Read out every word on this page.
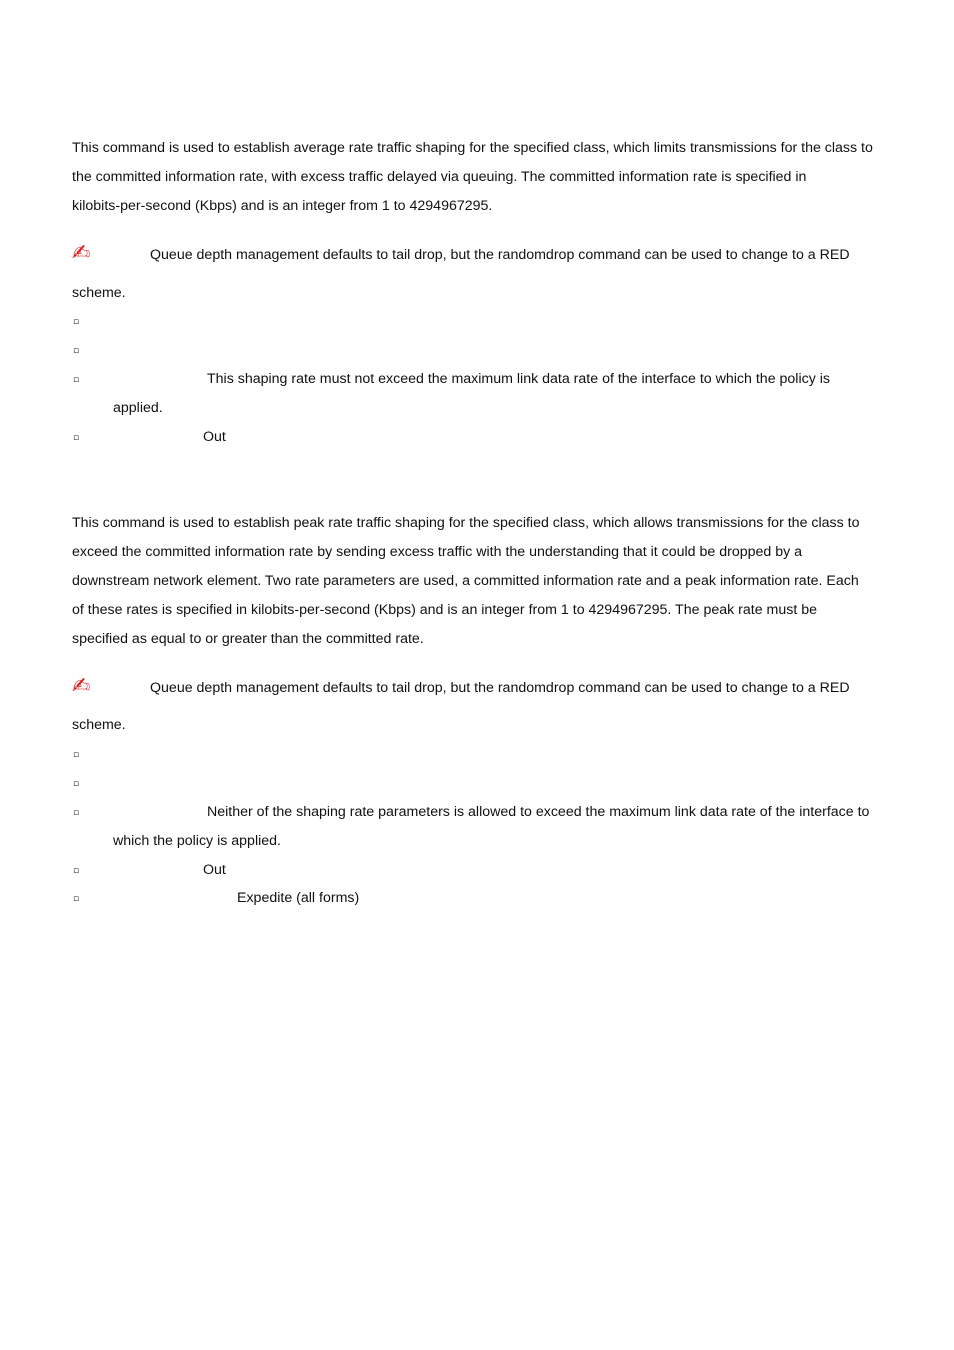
This command is used to establish average rate traffic shaping for the specified class, which limits transmissions for the class to
the committed information rate, with excess traffic delayed via queuing. The committed information rate is specified in
kilobits-per-second (Kbps) and is an integer from 1 to 4294967295.
✍	Queue depth management defaults to tail drop, but the randomdrop command can be used to change to a RED
scheme.
▫
▫
▫	This shaping rate must not exceed the maximum link data rate of the interface to which the policy is
applied.
▫	Out
This command is used to establish peak rate traffic shaping for the specified class, which allows transmissions for the class to
exceed the committed information rate by sending excess traffic with the understanding that it could be dropped by a
downstream network element. Two rate parameters are used, a committed information rate and a peak information rate. Each
of these rates is specified in kilobits-per-second (Kbps) and is an integer from 1 to 4294967295. The peak rate must be
specified as equal to or greater than the committed rate.
✍	Queue depth management defaults to tail drop, but the randomdrop command can be used to change to a RED
scheme.
▫
▫
▫	Neither of the shaping rate parameters is allowed to exceed the maximum link data rate of the interface to
which the policy is applied.
▫	Out
▫	Expedite (all forms)
